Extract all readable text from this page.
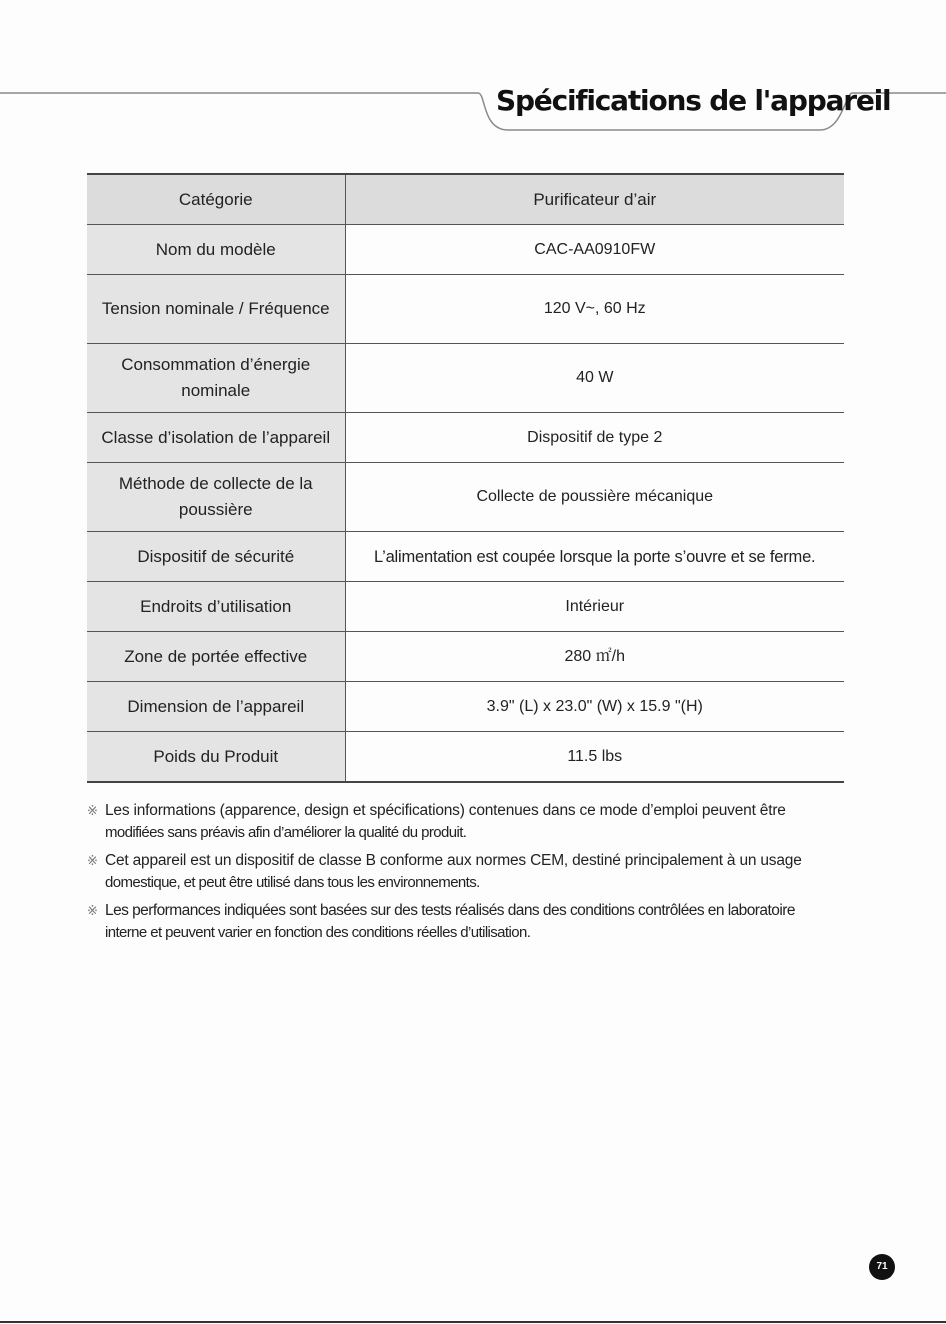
Spécifications de l'appareil
Catégorie	Purificateur d’air
Nom du modèle	CAC-AA0910FW
Tension nominale / Fréquence	120 V~, 60 Hz
Consommation d’énergie nominale	40 W
Classe d’isolation de l’appareil	Dispositif de type 2
Méthode de collecte de la poussière	Collecte de poussière mécanique
Dispositif de sécurité	L’alimentation est coupée lorsque la porte s’ouvre et se ferme.
Endroits d’utilisation	Intérieur
Zone de portée effective	280 ㎡/h
Dimension de l’appareil	3.9" (L) x 23.0" (W) x 15.9 "(H)
Poids du Produit	11.5 lbs
※ Les informations (apparence, design et spécifications) contenues dans ce mode d’emploi peuvent être
modifiées sans préavis afin d’améliorer la qualité du produit.
※ Cet appareil est un dispositif de classe B conforme aux normes CEM, destiné principalement à un usage
domestique, et peut être utilisé dans tous les environnements.
※ Les performances indiquées sont basées sur des tests réalisés dans des conditions contrôlées en laboratoire
interne et peuvent varier en fonction des conditions réelles d’utilisation.
71
